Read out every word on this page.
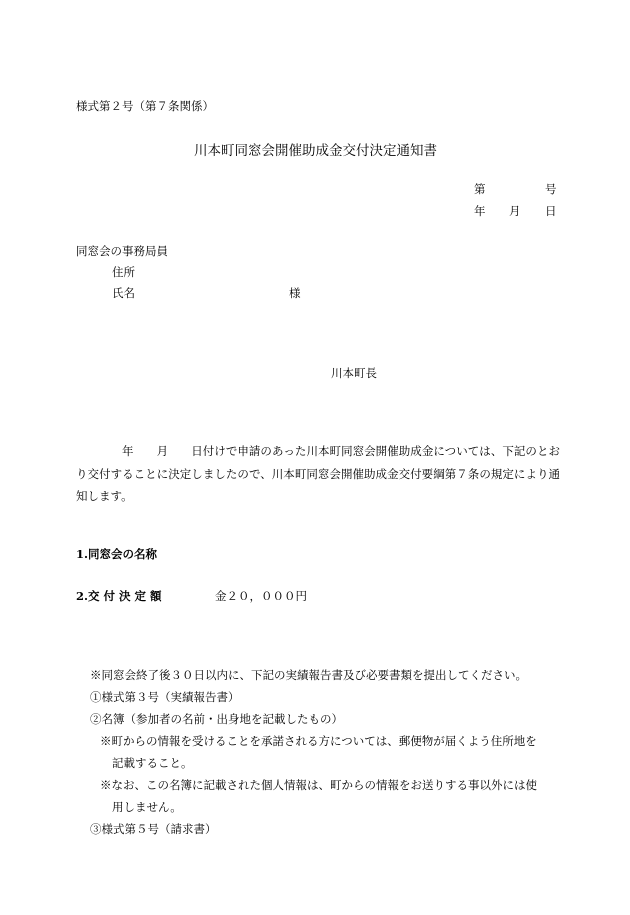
様式第２号（第７条関係）
川本町同窓会開催助成金交付決定通知書
第	号
年 月 日
同窓会の事務局員
住所
氏名	様
川本町長
年　　月　　日付けで申請のあった川本町同窓会開催助成金については、下記のとおり交付することに決定しましたので、川本町同窓会開催助成金交付要綱第７条の規定により通知します。
1.同窓会の名称
2.交 付 決 定 額	金２０，０００円
※同窓会終了後３０日以内に、下記の実績報告書及び必要書類を提出してください。
①様式第３号（実績報告書）
②名簿（参加者の名前・出身地を記載したもの）
※町からの情報を受けることを承諾される方については、郵便物が届くよう住所地を
記載すること。
※なお、この名簿に記載された個人情報は、町からの情報をお送りする事以外には使
用しません。
③様式第５号（請求書）
